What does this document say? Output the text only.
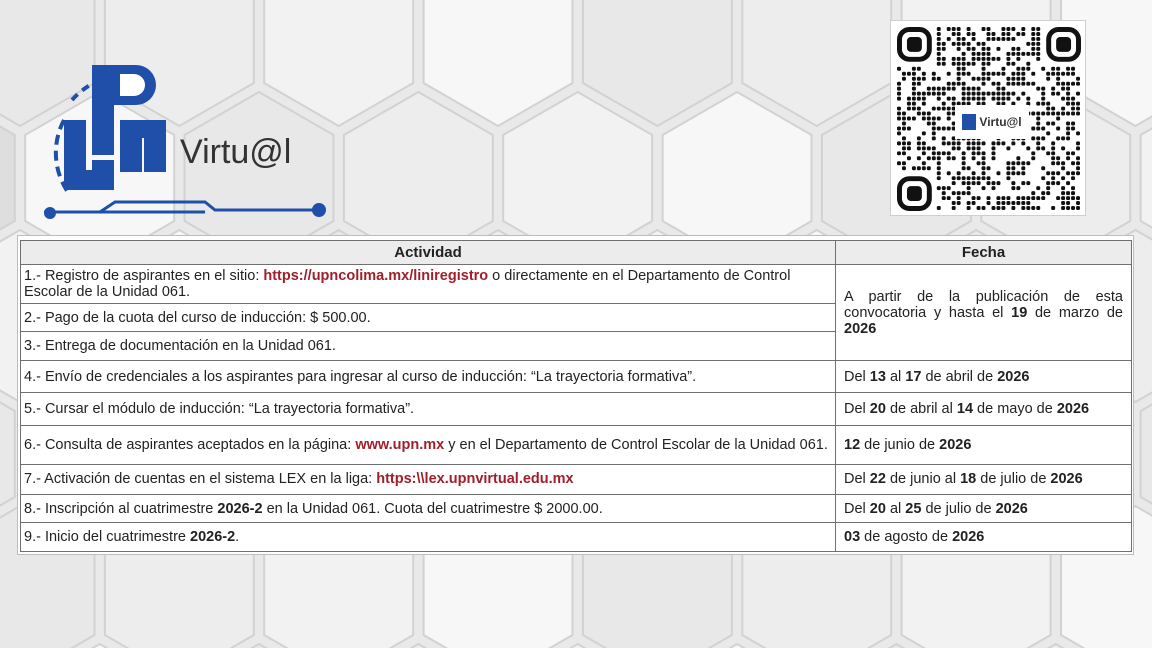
Virtu@l
Virtu@l
Actividad	Fecha
1.- Registro de aspirantes en el sitio: https://upncolima.mx/liniregistro o directamente en el Departamento de Control Escolar de la Unidad 061.	A partir de la publicación de esta convocatoria y hasta el 19 de marzo de 2026
2.- Pago de la cuota del curso de inducción: $ 500.00.	
3.- Entrega de documentación en la Unidad 061.	
4.- Envío de credenciales a los aspirantes para ingresar al curso de inducción: “La trayectoria formativa”.	Del 13 al 17 de abril de 2026
5.- Cursar el módulo de inducción: “La trayectoria formativa”.	Del 20 de abril al 14 de mayo de 2026
6.- Consulta de aspirantes aceptados en la página: www.upn.mx y en el Departamento de Control Escolar de la Unidad 061.	12 de junio de 2026
7.- Activación de cuentas en el sistema LEX en la liga: https:\\lex.upnvirtual.edu.mx	Del 22 de junio al 18 de julio de 2026
8.- Inscripción al cuatrimestre 2026-2 en la Unidad 061. Cuota del cuatrimestre $ 2000.00.	Del 20 al 25 de julio de 2026
9.- Inicio del cuatrimestre 2026-2.	03 de agosto de 2026
